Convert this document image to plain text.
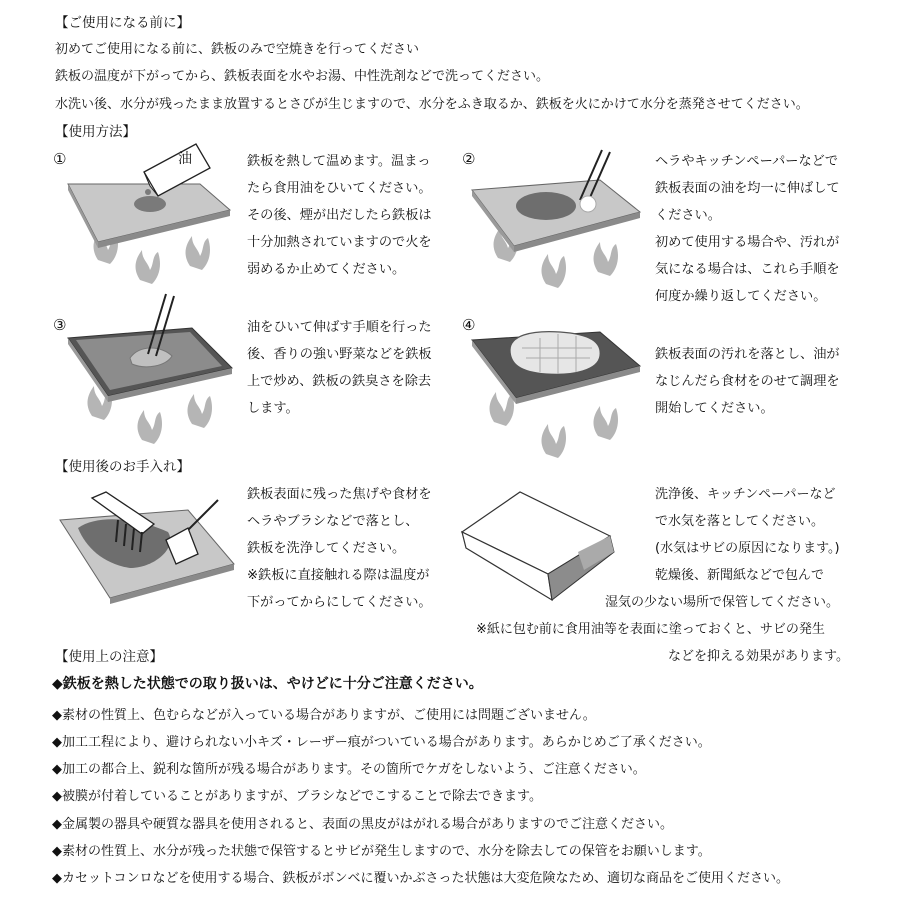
【ご使用になる前に】
初めてご使用になる前に、鉄板のみで空焼きを行ってください
鉄板の温度が下がってから、鉄板表面を水やお湯、中性洗剤などで洗ってください。
水洗い後、水分が残ったまま放置するとさびが生じますので、水分をふき取るか、鉄板を火にかけて水分を蒸発させてください。
【使用方法】
①	油	鉄板を熱して温めます。温まっ
たら食用油をひいてください。
その後、煙が出だしたら鉄板は
十分加熱されていますので火を
弱めるか止めてください。
②	ヘラやキッチンペーパーなどで
鉄板表面の油を均一に伸ばして
ください。
初めて使用する場合や、汚れが
気になる場合は、これら手順を
何度か繰り返してください。
③	油をひいて伸ばす手順を行った
後、香りの強い野菜などを鉄板
上で炒め、鉄板の鉄臭さを除去
します。
④
鉄板表面の汚れを落とし、油が
なじんだら食材をのせて調理を
開始してください。
【使用後のお手入れ】
鉄板表面に残った焦げや食材を
ヘラやブラシなどで落とし、
鉄板を洗浄してください。
※鉄板に直接触れる際は温度が
下がってからにしてください。
洗浄後、キッチンペーパーなど
で水気を落としてください。
(水気はサビの原因になります。)
乾燥後、新聞紙などで包んで
湿気の少ない場所で保管してください。
※紙に包む前に食用油等を表面に塗っておくと、サビの発生
などを抑える効果があります。
【使用上の注意】
◆鉄板を熱した状態での取り扱いは、やけどに十分ご注意ください。
◆素材の性質上、色むらなどが入っている場合がありますが、ご使用には問題ございません。
◆加工工程により、避けられない小キズ・レーザー痕がついている場合があります。あらかじめご了承ください。
◆加工の都合上、鋭利な箇所が残る場合があります。その箇所でケガをしないよう、ご注意ください。
◆被膜が付着していることがありますが、ブラシなどでこすることで除去できます。
◆金属製の器具や硬質な器具を使用されると、表面の黒皮がはがれる場合がありますのでご注意ください。
◆素材の性質上、水分が残った状態で保管するとサビが発生しますので、水分を除去しての保管をお願いします。
◆カセットコンロなどを使用する場合、鉄板がボンベに覆いかぶさった状態は大変危険なため、適切な商品をご使用ください。
